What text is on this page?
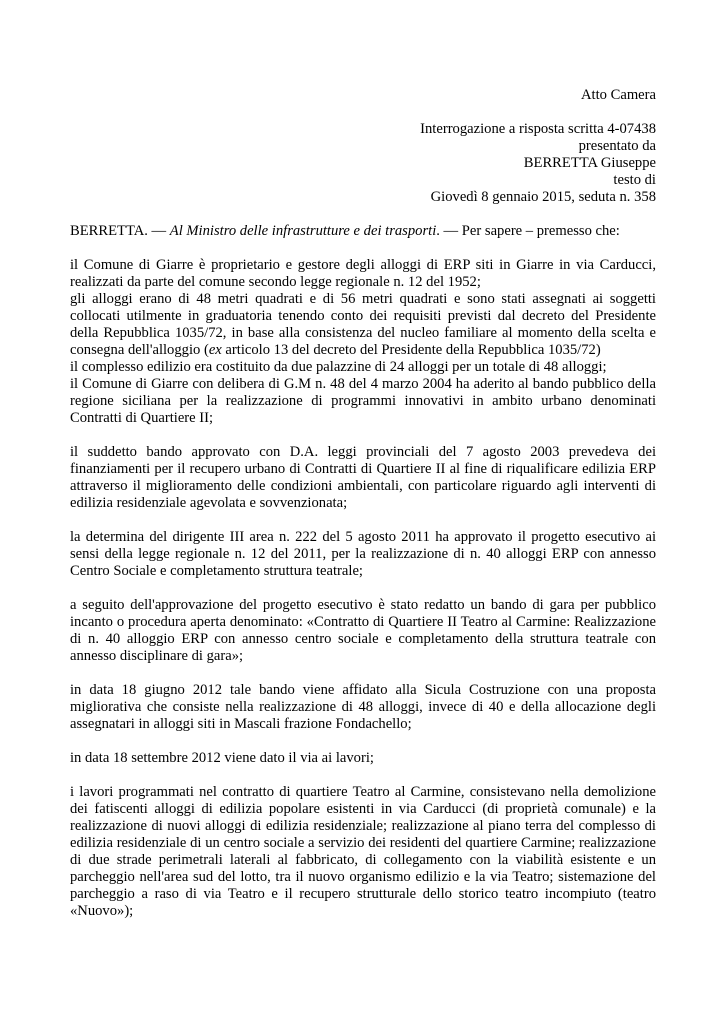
Atto Camera
Interrogazione a risposta scritta 4-07438
presentato da
BERRETTA Giuseppe
testo di
Giovedì 8 gennaio 2015, seduta n. 358
BERRETTA. — Al Ministro delle infrastrutture e dei trasporti. — Per sapere – premesso che:
il Comune di Giarre è proprietario e gestore degli alloggi di ERP siti in Giarre in via Carducci,
realizzati da parte del comune secondo legge regionale n. 12 del 1952;
gli alloggi erano di 48 metri quadrati e di 56 metri quadrati e sono stati assegnati ai soggetti
collocati utilmente in graduatoria tenendo conto dei requisiti previsti dal decreto del Presidente
della Repubblica 1035/72, in base alla consistenza del nucleo familiare al momento della scelta e
consegna dell'alloggio (ex articolo 13 del decreto del Presidente della Repubblica 1035/72)
il complesso edilizio era costituito da due palazzine di 24 alloggi per un totale di 48 alloggi;
il Comune di Giarre con delibera di G.M n. 48 del 4 marzo 2004 ha aderito al bando pubblico della
regione siciliana per la realizzazione di programmi innovativi in ambito urbano denominati
Contratti di Quartiere II;
il suddetto bando approvato con D.A. leggi provinciali del 7 agosto 2003 prevedeva dei
finanziamenti per il recupero urbano di Contratti di Quartiere II al fine di riqualificare edilizia ERP
attraverso il miglioramento delle condizioni ambientali, con particolare riguardo agli interventi di
edilizia residenziale agevolata e sovvenzionata;
la determina del dirigente III area n. 222 del 5 agosto 2011 ha approvato il progetto esecutivo ai
sensi della legge regionale n. 12 del 2011, per la realizzazione di n. 40 alloggi ERP con annesso
Centro Sociale e completamento struttura teatrale;
a seguito dell'approvazione del progetto esecutivo è stato redatto un bando di gara per pubblico
incanto o procedura aperta denominato: «Contratto di Quartiere II Teatro al Carmine: Realizzazione
di n. 40 alloggio ERP con annesso centro sociale e completamento della struttura teatrale con
annesso disciplinare di gara»;
in data 18 giugno 2012 tale bando viene affidato alla Sicula Costruzione con una proposta
migliorativa che consiste nella realizzazione di 48 alloggi, invece di 40 e della allocazione degli
assegnatari in alloggi siti in Mascali frazione Fondachello;
in data 18 settembre 2012 viene dato il via ai lavori;
i lavori programmati nel contratto di quartiere Teatro al Carmine, consistevano nella demolizione
dei fatiscenti alloggi di edilizia popolare esistenti in via Carducci (di proprietà comunale) e la
realizzazione di nuovi alloggi di edilizia residenziale; realizzazione al piano terra del complesso di
edilizia residenziale di un centro sociale a servizio dei residenti del quartiere Carmine; realizzazione
di due strade perimetrali laterali al fabbricato, di collegamento con la viabilità esistente e un
parcheggio nell'area sud del lotto, tra il nuovo organismo edilizio e la via Teatro; sistemazione del
parcheggio a raso di via Teatro e il recupero strutturale dello storico teatro incompiuto (teatro
«Nuovo»);
